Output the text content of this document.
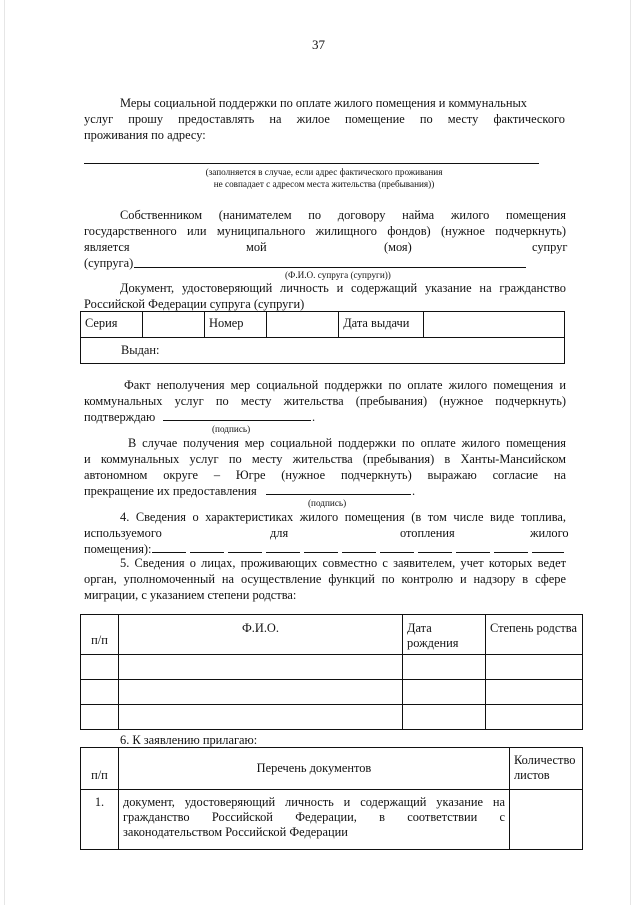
37
Меры социальной поддержки по оплате жилого помещения и коммунальных
услуг прошу предоставлять на жилое помещение по месту фактического
проживания по адресу:
(заполняется в случае, если адрес фактического проживания
не совпадает с адресом места жительства (пребывания))
Собственником (нанимателем по договору найма жилого помещения
государственного или муниципального жилищного фондов) (нужное подчеркнуть)
является	мой	(моя)	супруг
(супруга)
(Ф.И.О. супруга (супруги))
Документ, удостоверяющий личность и содержащий указание на гражданство
Российской Федерации супруга (супруги)
Серия		Номер		Дата выдачи	
Выдан:
Факт неполучения мер социальной поддержки по оплате жилого помещения и
коммунальных услуг по месту жительства (пребывания) (нужное подчеркнуть)
подтверждаю	.
(подпись)
В случае получения мер социальной поддержки по оплате жилого помещения
и коммунальных услуг по месту жительства (пребывания) в Ханты-Мансийском
автономном округе – Югре (нужное подчеркнуть) выражаю согласие на
прекращение их предоставления	.
(подпись)
4. Сведения о характеристиках жилого помещения (в том числе виде топлива,
используемого	для	отопления	жилого
помещения):
5. Сведения о лицах, проживающих совместно с заявителем, учет которых ведет
орган, уполномоченный на осуществление функций по контролю и надзору в сфере
миграции, с указанием степени родства:
п/п	Ф.И.О.	Дата рождения	Степень родства

6. К заявлению прилагаю:
п/п	Перечень документов	Количество листов
1.	документ, удостоверяющий личность и содержащий указание на
гражданство Российской Федерации, в соответствии с
законодательством Российской Федерации	
